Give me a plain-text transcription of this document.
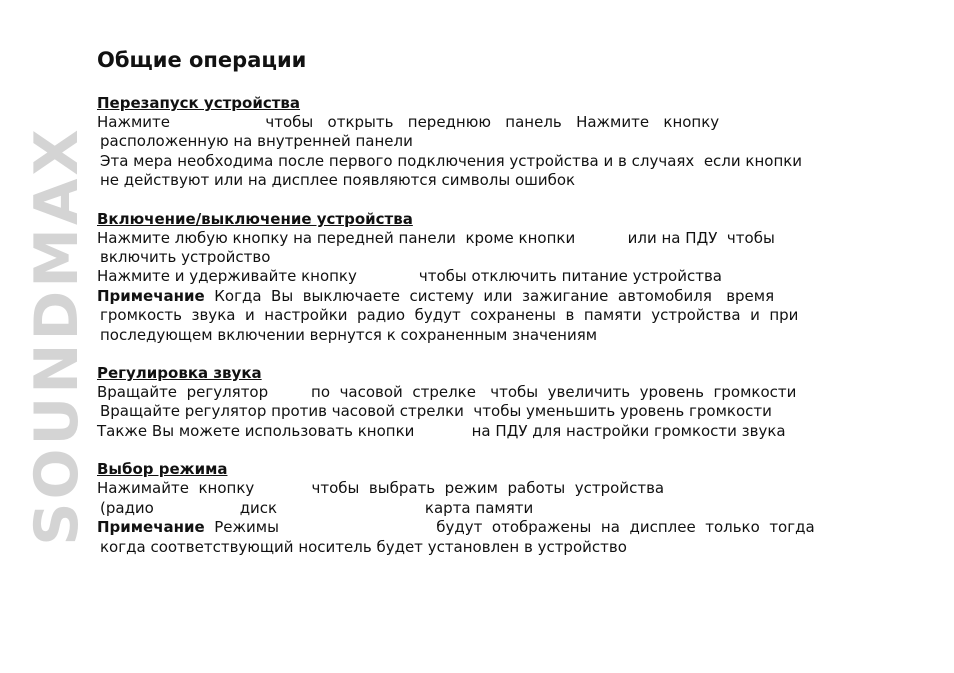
SOUNDMAX
Общие операции

Перезапуск устройства

Нажмите                    чтобы   открыть   переднюю   панель   Нажмите   кнопку

расположенную на внутренней панели

Эта мера необходима после первого подключения устройства и в случаях  если кнопки

не действуют или на дисплее появляются символы ошибок

Включение/выключение устройства

Нажмите любую кнопку на передней панели  кроме кнопки           или на ПДУ  чтобы

включить устройство

Нажмите и удерживайте кнопку             чтобы отключить питание устройства

Примечание  Когда  Вы  выключаете  систему  или  зажигание  автомобиля   время

громкость  звука  и  настройки  радио  будут  сохранены  в  памяти  устройства  и  при

последующем включении вернутся к сохраненным значениям

Регулировка звука

Вращайте  регулятор         по  часовой  стрелке   чтобы  увеличить  уровень  громкости

Вращайте регулятор против часовой стрелки  чтобы уменьшить уровень громкости

Также Вы можете использовать кнопки            на ПДУ для настройки громкости звука

Выбор режима

Нажимайте  кнопку            чтобы  выбрать  режим  работы  устройства

(радио                  диск                               карта памяти

Примечание  Режимы                                 будут  отображены  на  дисплее  только  тогда

когда соответствующий носитель будет установлен в устройство
